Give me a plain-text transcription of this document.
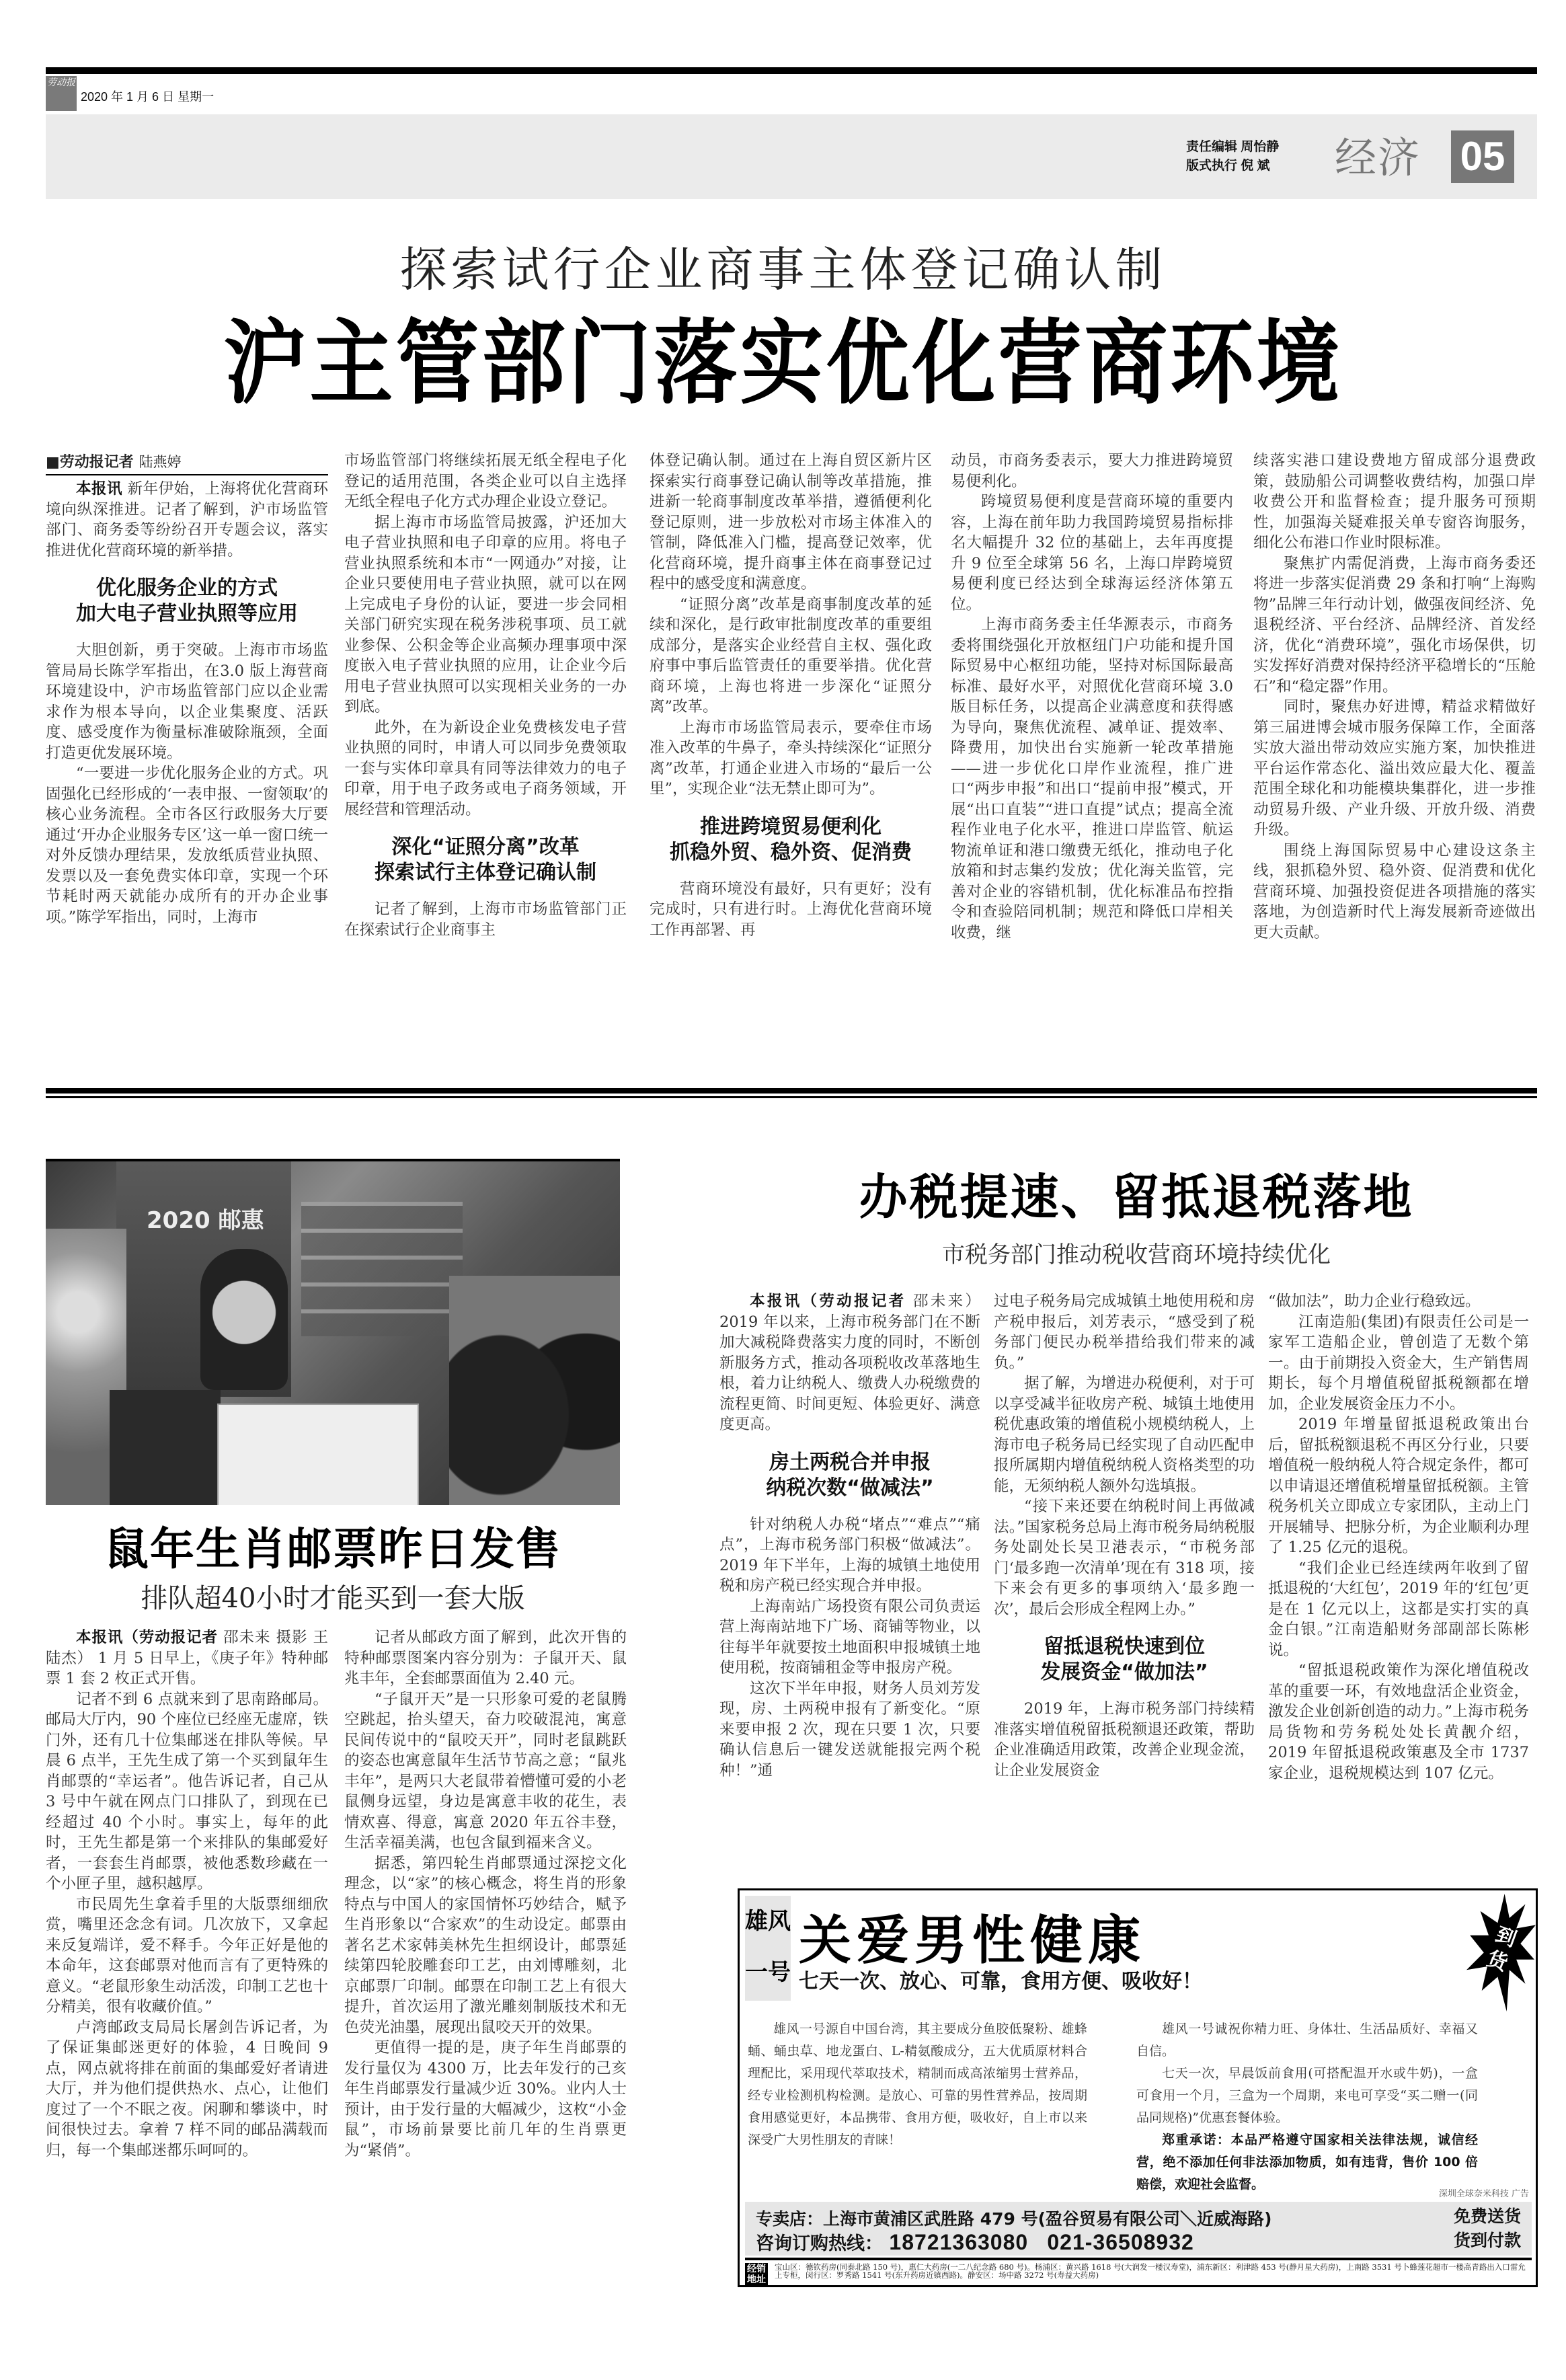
劳动报
2020 年 1 月 6 日 星期一
责任编辑 周怡静
版式执行 倪 斌 经济 05
探索试行企业商事主体登记确认制
沪主管部门落实优化营商环境
■劳动报记者 陆燕婷

本报讯 新年伊始，上海将优化营商环境向纵深推进。记者了解到，沪市场监管部门、商务委等纷纷召开专题会议，落实推进优化营商环境的新举措。

优化服务企业的方式
加大电子营业执照等应用

大胆创新，勇于突破。上海市市场监管局局长陈学军指出，在3.0 版上海营商环境建设中，沪市场监管部门应以企业需求作为根本导向，以企业集聚度、活跃度、感受度作为衡量标准破除瓶颈，全面打造更优发展环境。

“一要进一步优化服务企业的方式。巩固强化已经形成的‘一表申报、一窗领取’的核心业务流程。全市各区行政服务大厅要通过‘开办企业服务专区’这一单一窗口统一对外反馈办理结果，发放纸质营业执照、发票以及一套免费实体印章，实现一个环节耗时两天就能办成所有的开办企业事项。”陈学军指出，同时，上海市

市场监管部门将继续拓展无纸全程电子化登记的适用范围，各类企业可以自主选择无纸全程电子化方式办理企业设立登记。

据上海市市场监管局披露，沪还加大电子营业执照和电子印章的应用。将电子营业执照系统和本市“一网通办”对接，让企业只要使用电子营业执照，就可以在网上完成电子身份的认证，要进一步会同相关部门研究实现在税务涉税事项、员工就业参保、公积金等企业高频办理事项中深度嵌入电子营业执照的应用，让企业今后用电子营业执照可以实现相关业务的一办到底。

此外，在为新设企业免费核发电子营业执照的同时，申请人可以同步免费领取一套与实体印章具有同等法律效力的电子印章，用于电子政务或电子商务领域，开展经营和管理活动。

深化“证照分离”改革
探索试行主体登记确认制

记者了解到，上海市市场监管部门正在探索试行企业商事主

体登记确认制。通过在上海自贸区新片区探索实行商事登记确认制等改革措施，推进新一轮商事制度改革举措，遵循便利化登记原则，进一步放松对市场主体准入的管制，降低准入门槛，提高登记效率，优化营商环境，提升商事主体在商事登记过程中的感受度和满意度。

“证照分离”改革是商事制度改革的延续和深化，是行政审批制度改革的重要组成部分，是落实企业经营自主权、强化政府事中事后监管责任的重要举措。优化营商环境，上海也将进一步深化“证照分离”改革。

上海市市场监管局表示，要牵住市场准入改革的牛鼻子，牵头持续深化“证照分离”改革，打通企业进入市场的“最后一公里”，实现企业“法无禁止即可为”。

推进跨境贸易便利化
抓稳外贸、稳外资、促消费

营商环境没有最好，只有更好；没有完成时，只有进行时。上海优化营商环境工作再部署、再

动员，市商务委表示，要大力推进跨境贸易便利化。

跨境贸易便利度是营商环境的重要内容，上海在前年助力我国跨境贸易指标排名大幅提升 32 位的基础上，去年再度提升 9 位至全球第 56 名，上海口岸跨境贸易便利度已经达到全球海运经济体第五位。

上海市商务委主任华源表示，市商务委将围绕强化开放枢纽门户功能和提升国际贸易中心枢纽功能，坚持对标国际最高标准、最好水平，对照优化营商环境 3.0 版目标任务，以提高企业满意度和获得感为导向，聚焦优流程、减单证、提效率、降费用，加快出台实施新一轮改革措施——进一步优化口岸作业流程，推广进口“两步申报”和出口“提前申报”模式，开展“出口直装”“进口直提”试点；提高全流程作业电子化水平，推进口岸监管、航运物流单证和港口缴费无纸化，推动电子化放箱和封志集约发放；优化海关监管，完善对企业的容错机制，优化标准品布控指令和查验陪同机制；规范和降低口岸相关收费，继

续落实港口建设费地方留成部分退费政策，鼓励船公司调整收费结构，加强口岸收费公开和监督检查；提升服务可预期性，加强海关疑难报关单专窗咨询服务，细化公布港口作业时限标准。

聚焦扩内需促消费，上海市商务委还将进一步落实促消费 29 条和打响“上海购物”品牌三年行动计划，做强夜间经济、免退税经济、平台经济、品牌经济、首发经济，优化“消费环境”，强化市场保供，切实发挥好消费对保持经济平稳增长的“压舱石”和“稳定器”作用。

同时，聚焦办好进博，精益求精做好第三届进博会城市服务保障工作，全面落实放大溢出带动效应实施方案，加快推进平台运作常态化、溢出效应最大化、覆盖范围全球化和功能模块集群化，进一步推动贸易升级、产业升级、开放升级、消费升级。

围绕上海国际贸易中心建设这条主线，狠抓稳外贸、稳外资、促消费和优化营商环境、加强投资促进各项措施的落实落地，为创造新时代上海发展新奇迹做出更大贡献。

2020 邮惠
鼠年生肖邮票昨日发售
排队超40小时才能买到一套大版

本报讯（劳动报记者 邵未来 摄影 王陆杰） 1 月 5 日早上，《庚子年》特种邮票 1 套 2 枚正式开售。

记者不到 6 点就来到了思南路邮局。邮局大厅内，90 个座位已经座无虚席，铁门外，还有几十位集邮迷在排队等候。早晨 6 点半，王先生成了第一个买到鼠年生肖邮票的“幸运者”。他告诉记者，自己从 3 号中午就在网点门口排队了，到现在已经超过 40 个小时。事实上，每年的此时，王先生都是第一个来排队的集邮爱好者，一套套生肖邮票，被他悉数珍藏在一个小匣子里，越积越厚。

市民周先生拿着手里的大版票细细欣赏，嘴里还念念有词。几次放下，又拿起来反复端详，爱不释手。今年正好是他的本命年，这套邮票对他而言有了更特殊的意义。“老鼠形象生动活泼，印制工艺也十分精美，很有收藏价值。”

卢湾邮政支局局长屠剑告诉记者，为了保证集邮迷更好的体验，4 日晚间 9 点，网点就将排在前面的集邮爱好者请进大厅，并为他们提供热水、点心，让他们度过了一个不眠之夜。闲聊和攀谈中，时间很快过去。拿着 7 样不同的邮品满载而归，每一个集邮迷都乐呵呵的。

记者从邮政方面了解到，此次开售的特种邮票图案内容分别为：子鼠开天、鼠兆丰年，全套邮票面值为 2.40 元。

“子鼠开天”是一只形象可爱的老鼠腾空跳起，抬头望天，奋力咬破混沌，寓意民间传说中的“鼠咬天开”，同时老鼠跳跃的姿态也寓意鼠年生活节节高之意；“鼠兆丰年”，是两只大老鼠带着懵懂可爱的小老鼠侧身远望，身边是寓意丰收的花生，表情欢喜、得意，寓意 2020 年五谷丰登，生活幸福美满，也包含鼠到福来含义。

据悉，第四轮生肖邮票通过深挖文化理念，以“家”的核心概念，将生肖的形象特点与中国人的家国情怀巧妙结合，赋予生肖形象以“合家欢”的生动设定。邮票由著名艺术家韩美林先生担纲设计，邮票延续第四轮胶雕套印工艺，由刘博雕刻，北京邮票厂印制。邮票在印制工艺上有很大提升，首次运用了激光雕刻制版技术和无色荧光油墨，展现出鼠咬天开的效果。

更值得一提的是，庚子年生肖邮票的发行量仅为 4300 万，比去年发行的己亥年生肖邮票发行量减少近 30%。业内人士预计，由于发行量的大幅减少，这枚“小金鼠”，市场前景要比前几年的生肖票更为“紧俏”。

办税提速、留抵退税落地
市税务部门推动税收营商环境持续优化

本报讯（劳动报记者 邵未来） 2019 年以来，上海市税务部门在不断加大减税降费落实力度的同时，不断创新服务方式，推动各项税收改革落地生根，着力让纳税人、缴费人办税缴费的流程更简、时间更短、体验更好、满意度更高。

房土两税合并申报
纳税次数“做减法”

针对纳税人办税“堵点”“难点”“痛点”，上海市税务部门积极“做减法”。2019 年下半年，上海的城镇土地使用税和房产税已经实现合并申报。

上海南站广场投资有限公司负责运营上海南站地下广场、商铺等物业，以往每半年就要按土地面积申报城镇土地使用税，按商铺租金等申报房产税。

这次下半年申报，财务人员刘芳发现，房、土两税申报有了新变化。“原来要申报 2 次，现在只要 1 次，只要确认信息后一键发送就能报完两个税种！”通

过电子税务局完成城镇土地使用税和房产税申报后，刘芳表示，“感受到了税务部门便民办税举措给我们带来的减负。”

据了解，为增进办税便利，对于可以享受减半征收房产税、城镇土地使用税优惠政策的增值税小规模纳税人，上海市电子税务局已经实现了自动匹配申报所属期内增值税纳税人资格类型的功能，无须纳税人额外勾选填报。

“接下来还要在纳税时间上再做减法。”国家税务总局上海市税务局纳税服务处副处长吴卫港表示，“市税务部门‘最多跑一次清单’现在有 318 项，接下来会有更多的事项纳入‘最多跑一次’，最后会形成全程网上办。”

留抵退税快速到位
发展资金“做加法”

2019 年，上海市税务部门持续精准落实增值税留抵税额退还政策，帮助企业准确适用政策，改善企业现金流，让企业发展资金

“做加法”，助力企业行稳致远。

江南造船(集团)有限责任公司是一家军工造船企业，曾创造了无数个第一。由于前期投入资金大，生产销售周期长，每个月增值税留抵税额都在增加，企业发展资金压力不小。

2019 年增量留抵退税政策出台后，留抵税额退税不再区分行业，只要增值税一般纳税人符合规定条件，都可以申请退还增值税增量留抵税额。主管税务机关立即成立专家团队，主动上门开展辅导、把脉分析，为企业顺利办理了 1.25 亿元的退税。

“我们企业已经连续两年收到了留抵退税的‘大红包’，2019 年的‘红包’更是在 1 亿元以上，这都是实打实的真金白银。”江南造船财务部副部长陈彬说。

“留抵退税政策作为深化增值税改革的重要一环，有效地盘活企业资金，激发企业创新创造的动力。”上海市税务局货物和劳务税处处长黄靓介绍，2019 年留抵退税政策惠及全市 1737 家企业，退税规模达到 107 亿元。

雄风
一号
关爱男性健康
七天一次、放心、可靠，食用方便、吸收好！
到货

雄风一号源自中国台湾，其主要成分鱼胶低聚粉、雄蜂蛹、蛹虫草、地龙蛋白、L-精氨酸成分，五大优质原材料合理配比，采用现代萃取技术，精制而成高浓缩男士营养品，经专业检测机构检测。是放心、可靠的男性营养品，按周期食用感觉更好，本品携带、食用方便，吸收好，自上市以来深受广大男性朋友的青睐！

雄风一号诚祝你精力旺、身体壮、生活品质好、幸福又自信。

七天一次，早晨饭前食用(可搭配温开水或牛奶)，一盒可食用一个月，三盒为一个周期，来电可享受“买二赠一(同品同规格)”优惠套餐体验。

郑重承诺：本品严格遵守国家相关法律法规，诚信经营，绝不添加任何非法添加物质，如有违背，售价 100 倍赔偿，欢迎社会监督。

深圳全球奈米科技 广告
专卖店：上海市黄浦区武胜路 479 号(盈谷贸易有限公司＼近威海路)
咨询订购热线： 18721363080 021-36508932
免费送货
货到付款
经销地址
宝山区：德钦药房(同泰北路 150 号)，惠仁大药房(一二八纪念路 680 号)。杨浦区：黄兴路 1618 号(大润发一楼汉寿堂)，浦东新区：利津路 453 号(静月星大药房)，上南路 3531 号卜蜂莲花超市一楼高青路出入口雷允上专柜，闵行区：罗秀路 1541 号(东升药房近镇西路)。静安区：场中路 3272 号(寿益大药房)
